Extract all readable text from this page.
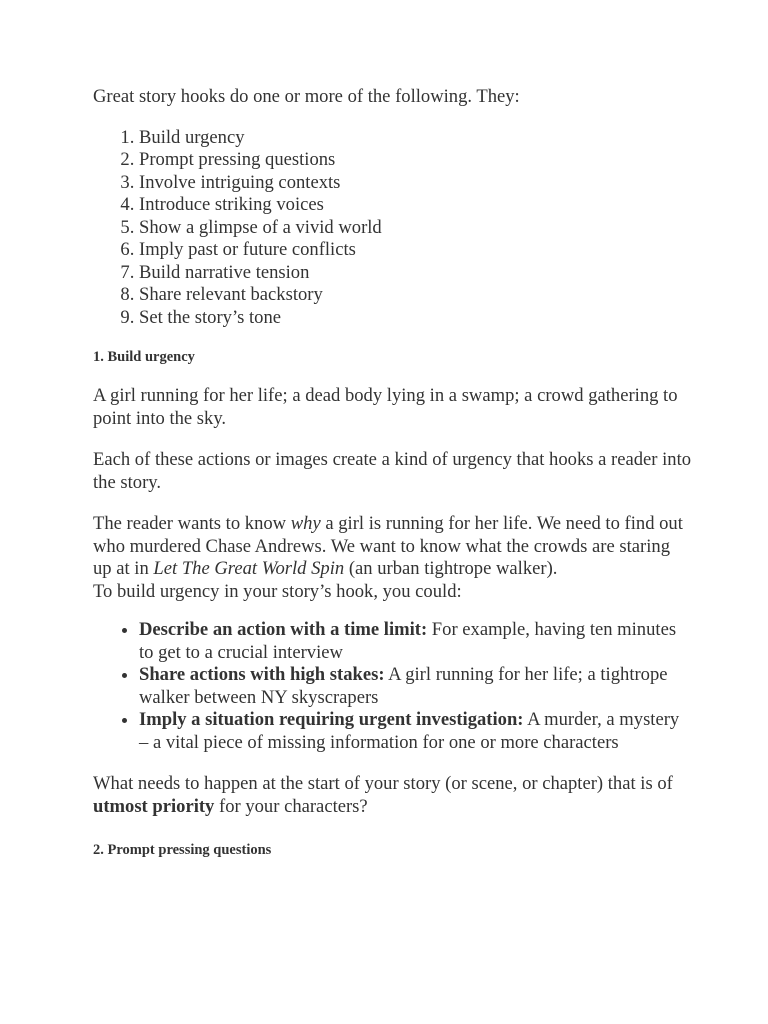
Great story hooks do one or more of the following. They:

1. Build urgency
2. Prompt pressing questions
3. Involve intriguing contexts
4. Introduce striking voices
5. Show a glimpse of a vivid world
6. Imply past or future conflicts
7. Build narrative tension
8. Share relevant backstory
9. Set the story’s tone
1. Build urgency

A girl running for her life; a dead body lying in a swamp; a crowd gathering to point into the sky.

Each of these actions or images create a kind of urgency that hooks a reader into the story.

The reader wants to know why a girl is running for her life. We need to find out who murdered Chase Andrews. We want to know what the crowds are staring up at in Let The Great World Spin (an urban tightrope walker).

To build urgency in your story’s hook, you could:

• Describe an action with a time limit: For example, having ten minutes to get to a crucial interview
• Share actions with high stakes: A girl running for her life; a tightrope walker between NY skyscrapers
• Imply a situation requiring urgent investigation: A murder, a mystery – a vital piece of missing information for one or more characters

What needs to happen at the start of your story (or scene, or chapter) that is of utmost priority for your characters?

2. Prompt pressing questions
